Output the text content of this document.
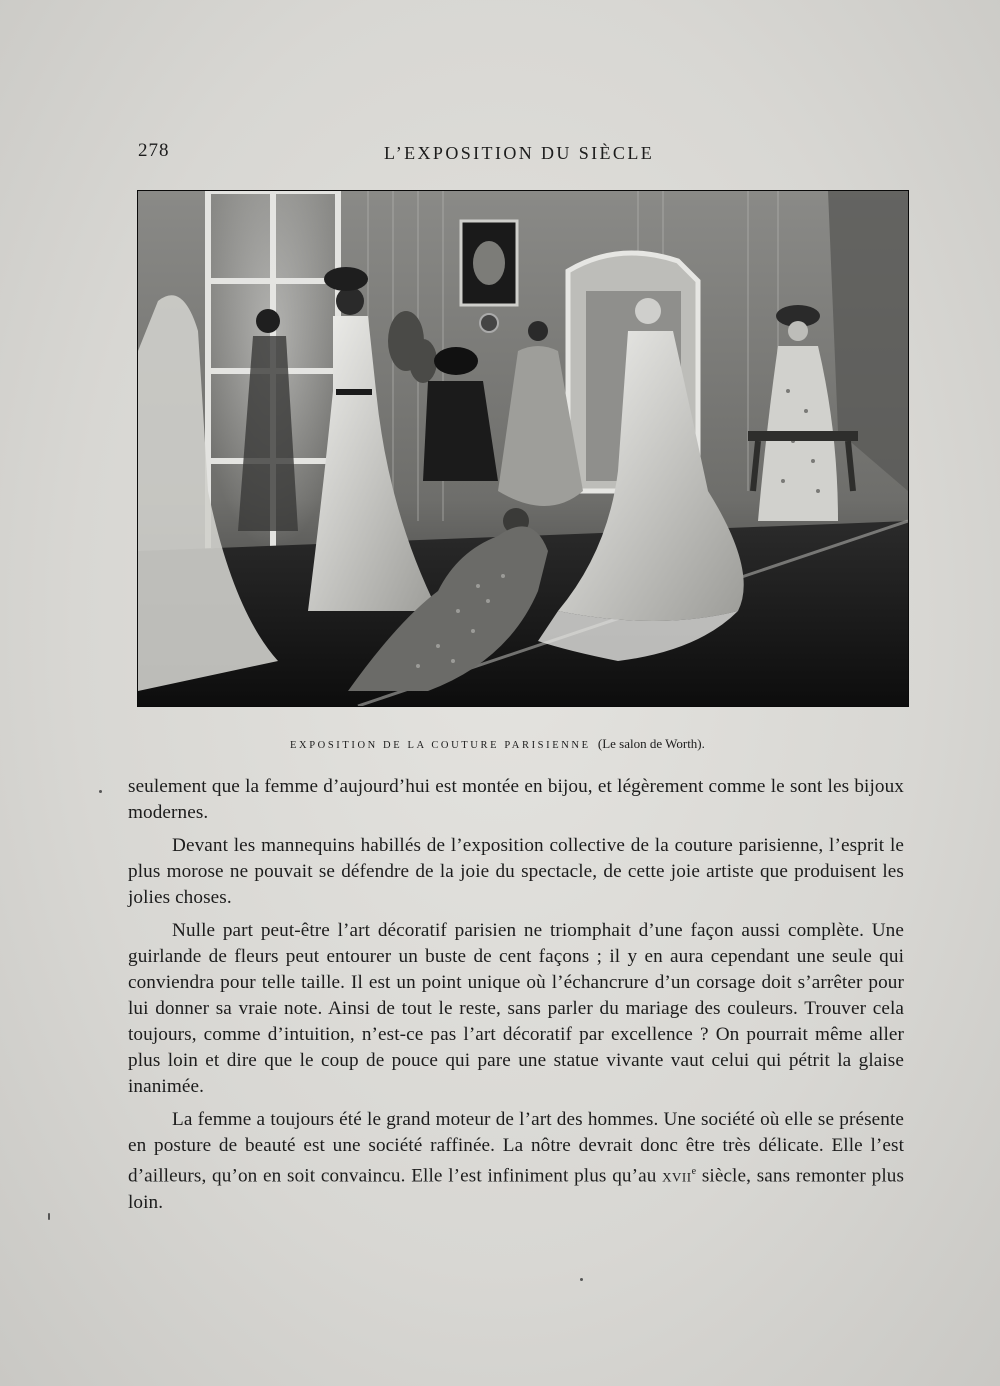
278	L’EXPOSITION DU SIÈCLE
EXPOSITION DE LA COUTURE PARISIENNE (Le salon de Worth).

seulement que la femme d’aujourd’hui est montée en bijou, et légèrement comme le sont les bijoux modernes.

Devant les mannequins habillés de l’exposition collective de la couture parisienne, l’esprit le plus morose ne pouvait se défendre de la joie du spectacle, de cette joie artiste que produisent les jolies choses.

Nulle part peut-être l’art décoratif parisien ne triomphait d’une façon aussi complète. Une guirlande de fleurs peut entourer un buste de cent façons ; il y en aura cependant une seule qui conviendra pour telle taille. Il est un point unique où l’échancrure d’un corsage doit s’arrêter pour lui donner sa vraie note. Ainsi de tout le reste, sans parler du mariage des couleurs. Trouver cela toujours, comme d’intuition, n’est-ce pas l’art décoratif par excellence ? On pourrait même aller plus loin et dire que le coup de pouce qui pare une statue vivante vaut celui qui pétrit la glaise inanimée.

La femme a toujours été le grand moteur de l’art des hommes. Une société où elle se présente en posture de beauté est une société raffinée. La nôtre devrait donc être très délicate. Elle l’est d’ailleurs, qu’on en soit convaincu. Elle l’est infiniment plus qu’au XVIIe siècle, sans remonter plus loin.
